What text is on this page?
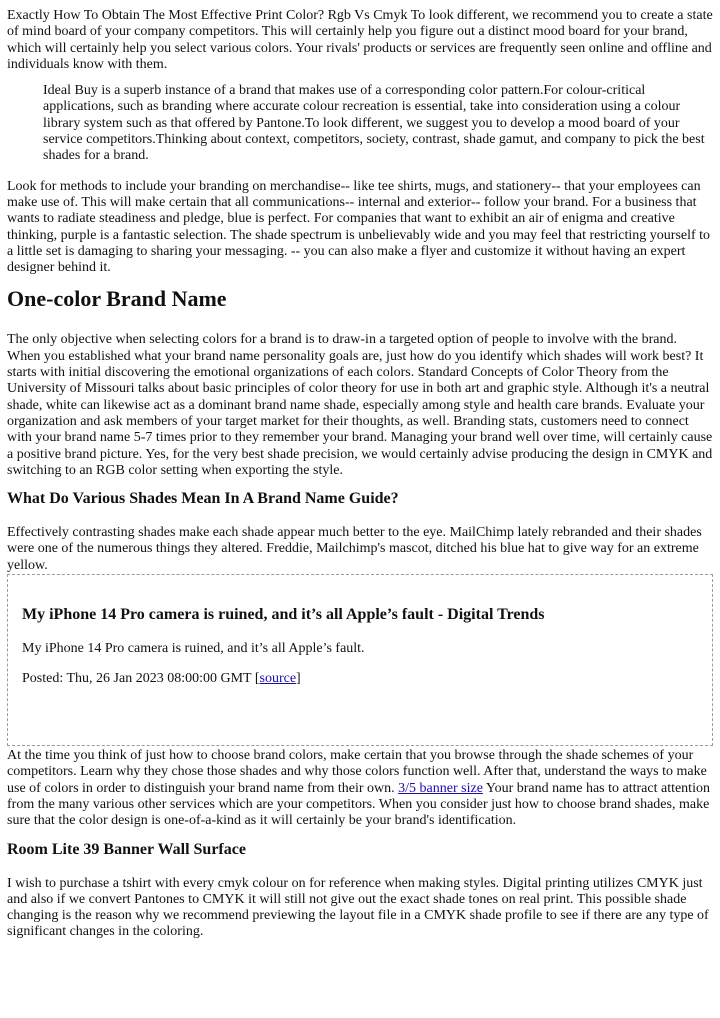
Exactly How To Obtain The Most Effective Print Color? Rgb Vs Cmyk To look different, we recommend you to create a state of mind board of your company competitors. This will certainly help you figure out a distinct mood board for your brand, which will certainly help you select various colors. Your rivals' products or services are frequently seen online and offline and individuals know with them.

Ideal Buy is a superb instance of a brand that makes use of a corresponding color pattern.For colour-critical applications, such as branding where accurate colour recreation is essential, take into consideration using a colour library system such as that offered by Pantone.To look different, we suggest you to develop a mood board of your service competitors.Thinking about context, competitors, society, contrast, shade gamut, and company to pick the best shades for a brand.

Look for methods to include your branding on merchandise-- like tee shirts, mugs, and stationery-- that your employees can make use of. This will make certain that all communications-- internal and exterior-- follow your brand. For a business that wants to radiate steadiness and pledge, blue is perfect. For companies that want to exhibit an air of enigma and creative thinking, purple is a fantastic selection. The shade spectrum is unbelievably wide and you may feel that restricting yourself to a little set is damaging to sharing your messaging. -- you can also make a flyer and customize it without having an expert designer behind it.

One-color Brand Name

The only objective when selecting colors for a brand is to draw-in a targeted option of people to involve with the brand. When you established what your brand name personality goals are, just how do you identify which shades will work best? It starts with initial discovering the emotional organizations of each colors. Standard Concepts of Color Theory from the University of Missouri talks about basic principles of color theory for use in both art and graphic style. Although it's a neutral shade, white can likewise act as a dominant brand name shade, especially among style and health care brands. Evaluate your organization and ask members of your target market for their thoughts, as well. Branding stats, customers need to connect with your brand name 5-7 times prior to they remember your brand. Managing your brand well over time, will certainly cause a positive brand picture. Yes, for the very best shade precision, we would certainly advise producing the design in CMYK and switching to an RGB color setting when exporting the style.

What Do Various Shades Mean In A Brand Name Guide?

Effectively contrasting shades make each shade appear much better to the eye. MailChimp lately rebranded and their shades were one of the numerous things they altered. Freddie, Mailchimp's mascot, ditched his blue hat to give way for an extreme yellow.

My iPhone 14 Pro camera is ruined, and it’s all Apple’s fault - Digital Trends

My iPhone 14 Pro camera is ruined, and it’s all Apple’s fault.

Posted: Thu, 26 Jan 2023 08:00:00 GMT [source]

At the time you think of just how to choose brand colors, make certain that you browse through the shade schemes of your competitors. Learn why they chose those shades and why those colors function well. After that, understand the ways to make use of colors in order to distinguish your brand name from their own. 3/5 banner size Your brand name has to attract attention from the many various other services which are your competitors. When you consider just how to choose brand shades, make sure that the color design is one-of-a-kind as it will certainly be your brand's identification.

Room Lite 39 Banner Wall Surface

I wish to purchase a tshirt with every cmyk colour on for reference when making styles. Digital printing utilizes CMYK just and also if we convert Pantones to CMYK it will still not give out the exact shade tones on real print. This possible shade changing is the reason why we recommend previewing the layout file in a CMYK shade profile to see if there are any type of significant changes in the coloring.
